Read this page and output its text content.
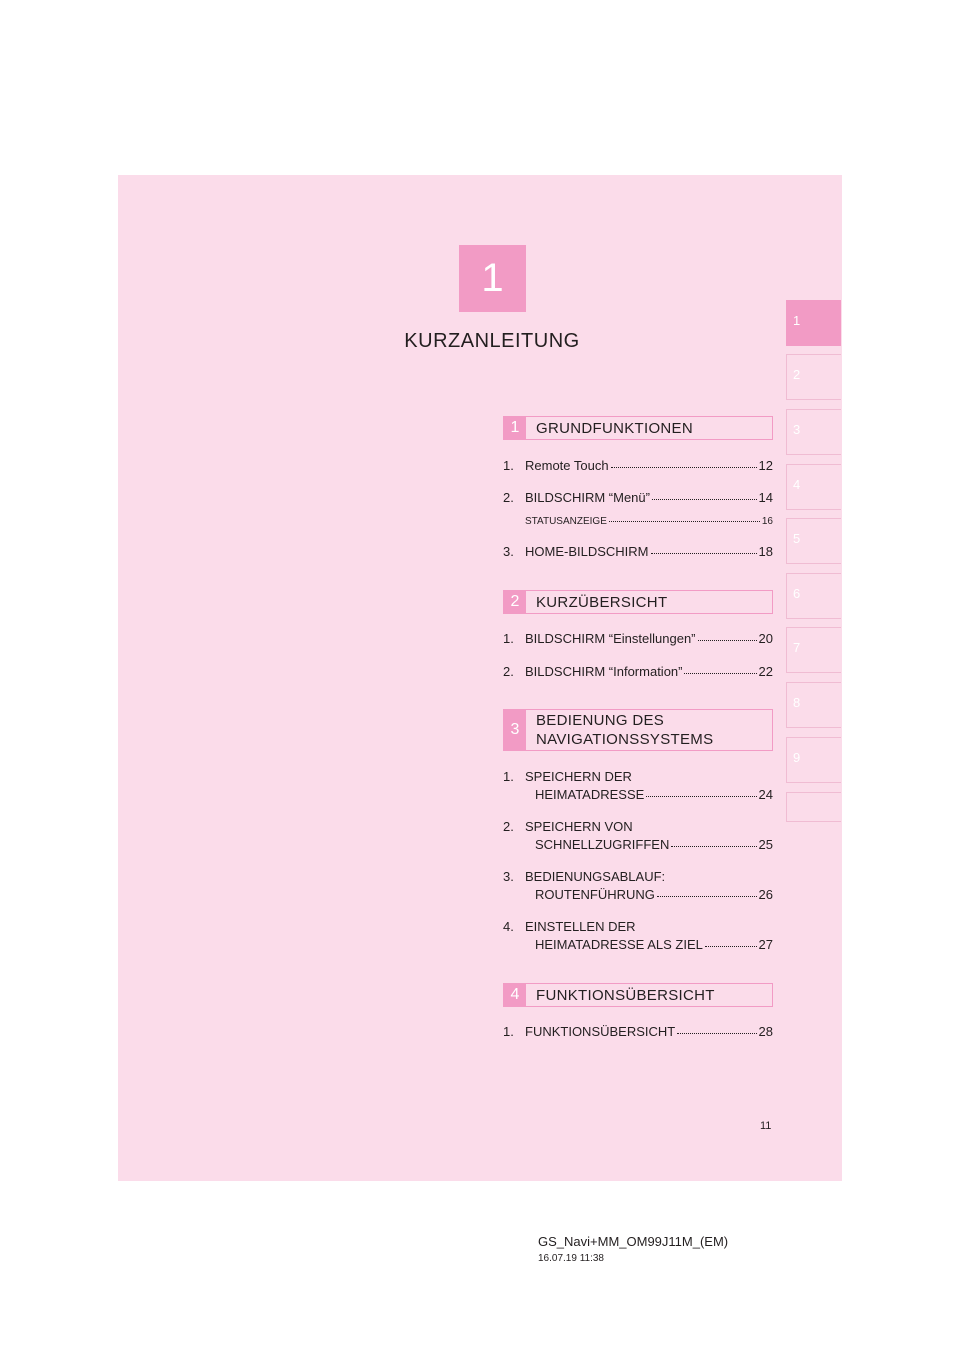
1
KURZANLEITUNG
1
2
3
4
5
6
7
8
9
1	GRUNDFUNKTIONEN
1. Remote Touch	12
2. BILDSCHIRM “Menü”	14
STATUSANZEIGE	16
3. HOME-BILDSCHIRM	18
2	KURZÜBERSICHT
1. BILDSCHIRM “Einstellungen”	20
2. BILDSCHIRM “Information”	22
3
BEDIENUNG DES
NAVIGATIONSSYSTEMS
1. SPEICHERN DER
HEIMATADRESSE	24
2. SPEICHERN VON
SCHNELLZUGRIFFEN	25
3. BEDIENUNGSABLAUF:
ROUTENFÜHRUNG	26
4. EINSTELLEN DER
HEIMATADRESSE ALS ZIEL	27
4	FUNKTIONSÜBERSICHT
1. FUNKTIONSÜBERSICHT	28
11
GS_Navi+MM_OM99J11M_(EM)
16.07.19 11:38
